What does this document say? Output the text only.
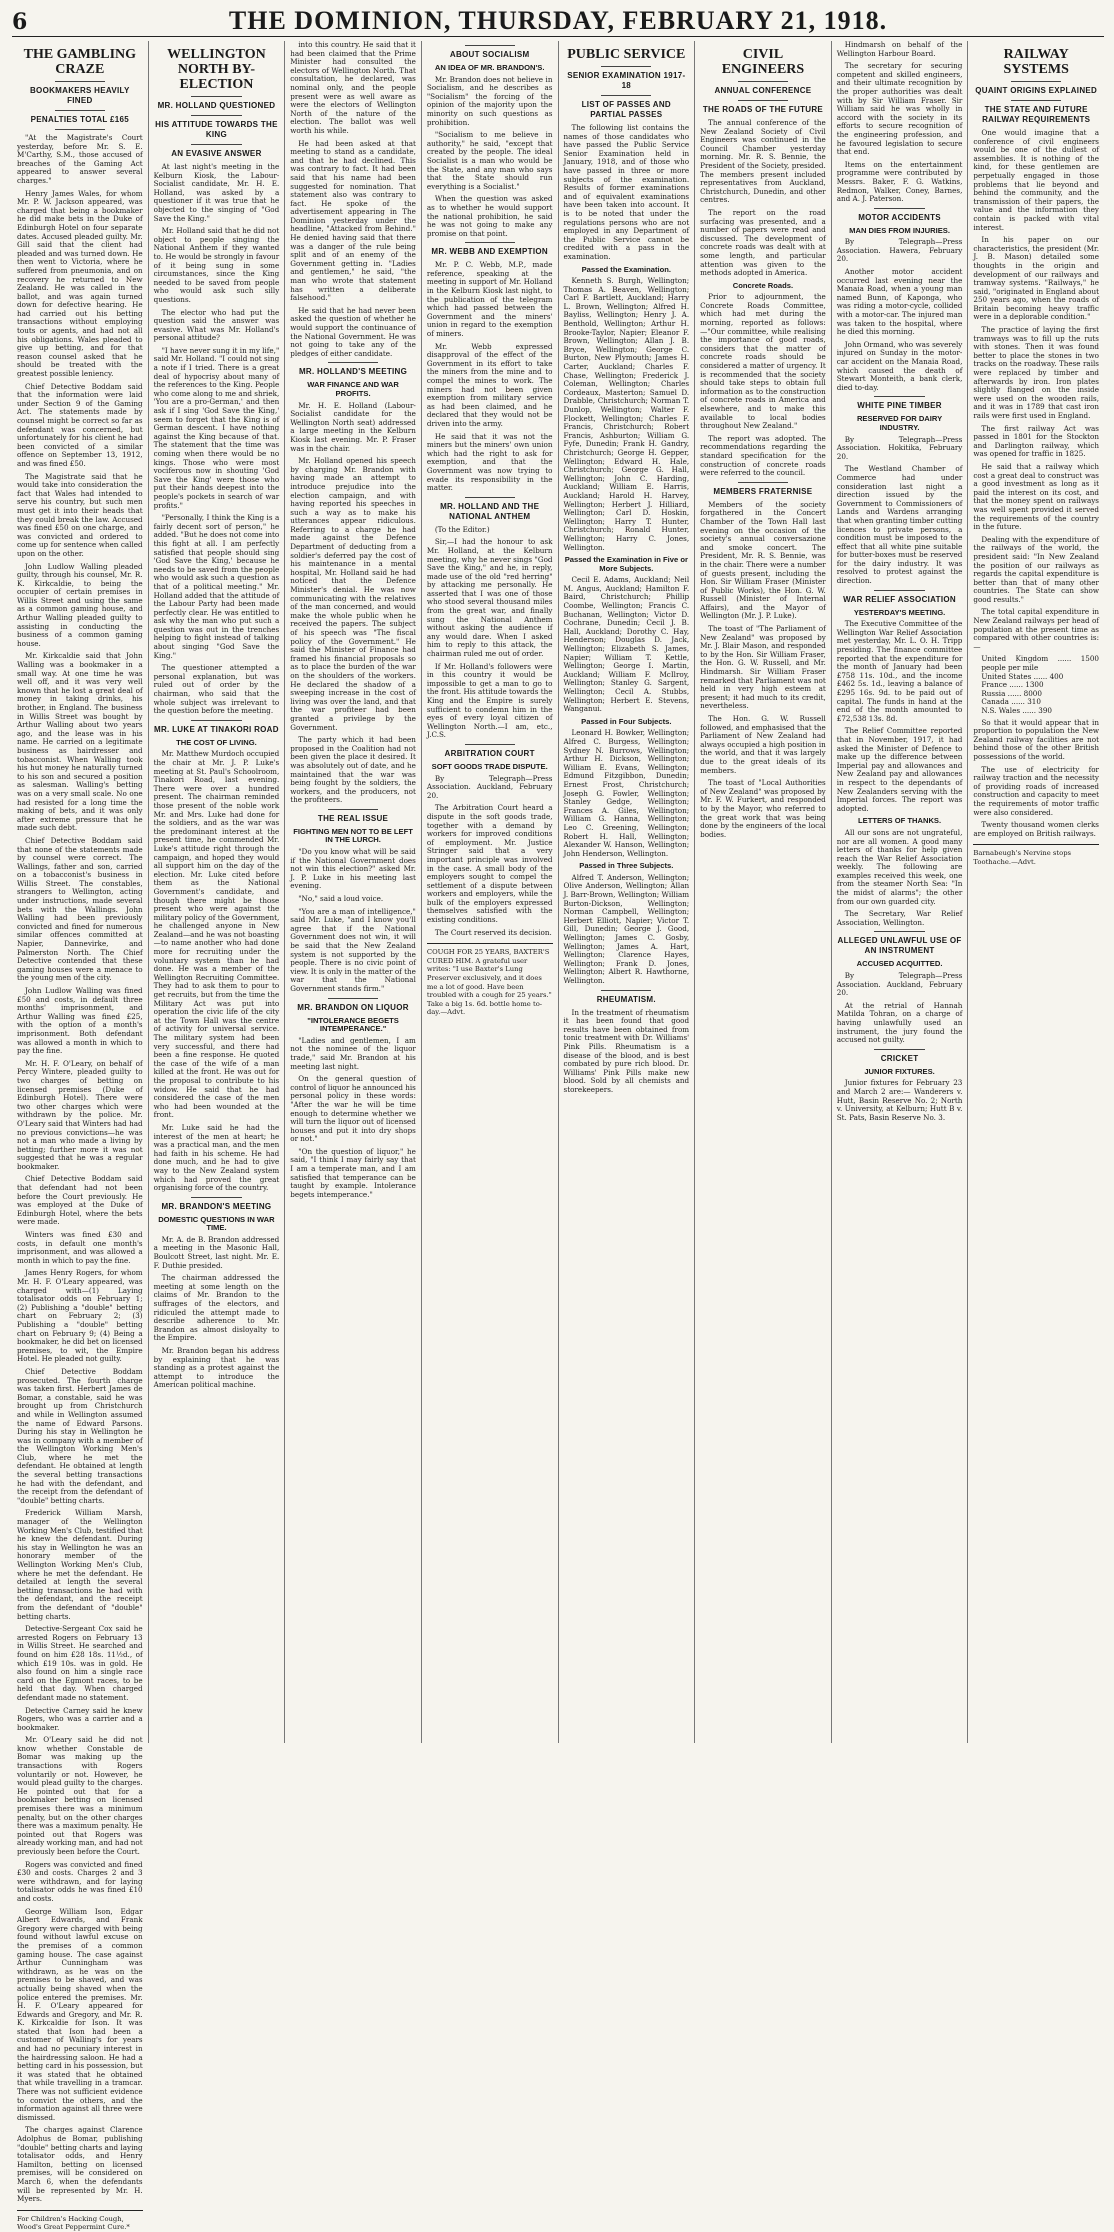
6	THE DOMINION, THURSDAY, FEBRUARY 21, 1918.
THE GAMBLING CRAZE
BOOKMAKERS HEAVILY FINED
PENALTIES TOTAL £165

"At the Magistrate's Court yesterday, before Mr. S. E. M'Carthy, S.M., those accused of breaches of the Gaming Act appeared to answer several charges."

Henry James Wales, for whom Mr. P. W. Jackson appeared, was charged that being a bookmaker he did make bets in the Duke of Edinburgh Hotel on four separate dates. Accused pleaded guilty. Mr. Gill said that the client had pleaded and was turned down. He then went to Victoria, where he suffered from pneumonia, and on recovery he returned to New Zealand. He was called in the ballot, and was again turned down for defective hearing. He had carried out his betting transactions without employing touts or agents, and had not all his obligations. Wales pleaded to give up betting, and for that reason counsel asked that he should be treated with the greatest possible leniency.

Chief Detective Boddam said that the information were laid under Section 9 of the Gaming Act. The statements made by counsel might be correct so far as defendant was concerned, but unfortunately for his client he had been convicted of a similar offence on September 13, 1912, and was fined £50.

The Magistrate said that he would take into consideration the fact that Wales had intended to serve his country, but such men must get it into their heads that they could break the law. Accused was fined £50 on one charge, and was convicted and ordered to come up for sentence when called upon on the other.

John Ludlow Walling pleaded guilty, through his counsel, Mr. R. K. Kirkcaldie, to being the occupier of certain premises in Willis Street and using the same as a common gaming house, and Arthur Walling pleaded guilty to assisting in conducting the business of a common gaming house.

Mr. Kirkcaldie said that John Walling was a bookmaker in a small way. At one time he was well off, and it was very well known that he lost a great deal of money in taking drinks, his brother, in England. The business in Willis Street was bought by Arthur Walling about two years ago, and the lease was in his name. He carried on a legitimate business as hairdresser and tobacconist. When Walling took his hut money he naturally turned to his son and secured a position as salesman. Walling's betting was on a very small scale. No one had resisted for a long time the making of bets, and it was only after extreme pressure that he made such debt.

Chief Detective Boddam said that none of the statements made by counsel were correct. The Wallings, father and son, carried on a tobacconist's business in Willis Street. The constables, strangers to Wellington, acting under instructions, made several bets with the Wallings. John Walling had been previously convicted and fined for numerous similar offences committed at Napier, Dannevirke, and Palmerston North. The Chief Detective contended that these gaming houses were a menace to the young men of the city.

John Ludlow Walling was fined £50 and costs, in default three months' imprisonment, and Arthur Walling was fined £25, with the option of a month's imprisonment. Both defendant was allowed a month in which to pay the fine.

Mr. H. F. O'Leary, on behalf of Percy Wintere, pleaded guilty to two charges of betting on licensed premises (Duke of Edinburgh Hotel). There were two other charges which were withdrawn by the police. Mr. O'Leary said that Winters had had no previous convictions—he was not a man who made a living by betting; further more it was not suggested that he was a regular bookmaker.

Chief Detective Boddam said that defendant had not been before the Court previously. He was employed at the Duke of Edinburgh Hotel, where the bets were made.

Winters was fined £30 and costs, in default one month's imprisonment, and was allowed a month in which to pay the fine.

James Henry Rogers, for whom Mr. H. F. O'Leary appeared, was charged with—(1) Laying totalisator odds on February 1; (2) Publishing a "double" betting chart on February 2; (3) Publishing a "double" betting chart on February 9; (4) Being a bookmaker, he did bet on licensed premises, to wit, the Empire Hotel. He pleaded not guilty.

Chief Detective Boddam prosecuted. The fourth charge was taken first. Herbert James de Bomar, a constable, said he was brought up from Christchurch and while in Wellington assumed the name of Edward Parsons. During his stay in Wellington he was in company with a member of the Wellington Working Men's Club, where he met the defendant. He obtained at length the several betting transactions he had with the defendant, and the receipt from the defendant of "double" betting charts.

Frederick William Marsh, manager of the Wellington Working Men's Club, testified that he knew the defendant. During his stay in Wellington he was an honorary member of the Wellington Working Men's Club, where he met the defendant. He detailed at length the several betting transactions he had with the defendant, and the receipt from the defendant of "double" betting charts.

Detective-Sergeant Cox said he arrested Rogers on February 13 in Willis Street. He searched and found on him £28 18s. 11½d., of which £19 10s. was in gold. He also found on him a single race card on the Egmont races, to be held that day. When charged defendant made no statement.

Detective Carney said he knew Rogers, who was a carrier and a bookmaker.

Mr. O'Leary said he did not know whether Constable de Bomar was making up the transactions with Rogers voluntarily or not. However, he would plead guilty to the charges. He pointed out that for a bookmaker betting on licensed premises there was a minimum penalty, but on the other charges there was a maximum penalty. He pointed out that Rogers was already working man, and had not previously been before the Court.

Rogers was convicted and fined £30 and costs. Charges 2 and 3 were withdrawn, and for laying totalisator odds he was fined £10 and costs.

George William Ison, Edgar Albert Edwards, and Frank Gregory were charged with being found without lawful excuse on the premises of a common gaming house. The case against Arthur Cunningham was withdrawn, as he was on the premises to be shaved, and was actually being shaved when the police entered the premises. Mr. H. F. O'Leary appeared for Edwards and Gregory, and Mr. R. K. Kirkcaldie for Ison. It was stated that Ison had been a customer of Walling's for years and had no pecuniary interest in the hairdressing saloon. He had a betting card in his possession, but it was stated that he obtained that while travelling in a tramcar. There was not sufficient evidence to convict the others, and the information against all three were dismissed.

The charges against Clarence Adolphus de Bomar, publishing "double" betting charts and laying totalisator odds, and Henry Hamilton, betting on licensed premises, will be considered on March 6, when the defendants will be represented by Mr. H. Myers.

For Children's Hacking Cough, Wood's Great Peppermint Cure.*

WELLINGTON NORTH BY-ELECTION
MR. HOLLAND QUESTIONED
HIS ATTITUDE TOWARDS THE KING
AN EVASIVE ANSWER

At last night's meeting in the Kelburn Kiosk, the Labour-Socialist candidate, Mr. H. E. Holland, was asked by a questioner if it was true that he objected to the singing of "God Save the King."

Mr. Holland said that he did not object to people singing the National Anthem if they wanted to. He would be strongly in favour of it being sung in some circumstances, since the King needed to be saved from people who would ask such silly questions.

The elector who had put the question said the answer was evasive. What was Mr. Holland's personal attitude?

"I have never sung it in my life," said Mr. Holland. "I could not sing a note if I tried. There is a great deal of hypocrisy about many of the references to the King. People who come along to me and shriek, 'You are a pro-German,' and then ask if I sing 'God Save the King,' seem to forget that the King is of German descent. I have nothing against the King because of that. The statement that the time was coming when there would be no kings. Those who were most vociferous now in shouting 'God Save the King' were those who put their hands deepest into the people's pockets in search of war profits."

"Personally, I think the King is a fairly decent sort of person," he added. "But he does not come into this fight at all. I am perfectly satisfied that people should sing 'God Save the King,' because he needs to be saved from the people who would ask such a question as that of a political meeting." Mr. Holland added that the attitude of the Labour Party had been made perfectly clear. He was entitled to ask why the man who put such a question was out in the trenches helping to fight instead of talking about singing "God Save the King."

The questioner attempted a personal explanation, but was ruled out of order by the chairman, who said that the whole subject was irrelevant to the question before the meeting.

MR. LUKE AT TINAKORI ROAD
THE COST OF LIVING.

Mr. Matthew Murdoch occupied the chair at Mr. J. P. Luke's meeting at St. Paul's Schoolroom, Tinakori Road, last evening. There were over a hundred present. The chairman reminded those present of the noble work Mr. and Mrs. Luke had done for the soldiers, and as the war was the predominant interest at the present time, he commended Mr. Luke's attitude right through the campaign, and hoped they would all support him on the day of the election. Mr. Luke cited before them as the National Government's candidate, and though there might be those present who were against the military policy of the Government, he challenged anyone in New Zealand—and he was not boasting—to name another who had done more for recruiting under the voluntary system than he had done. He was a member of the Wellington Recruiting Committee. They had to ask them to pour to get recruits, but from the time the Military Act was put into operation the civic life of the city at the Town Hall was the centre of activity for universal service. The military system had been very successful, and there had been a fine response. He quoted the case of the wife of a man killed at the front. He was out for the proposal to contribute to his widow. He said that he had considered the case of the men who had been wounded at the front.

Mr. Luke said he had the interest of the men at heart; he was a practical man, and the men had faith in his scheme. He had done much, and he had to give way to the New Zealand system which had proved the great organising force of the country.

MR. BRANDON'S MEETING
DOMESTIC QUESTIONS IN WAR TIME.

Mr. A. de B. Brandon addressed a meeting in the Masonic Hall, Boulcott Street, last night. Mr. E. F. Duthie presided.

The chairman addressed the meeting at some length on the claims of Mr. Brandon to the suffrages of the electors, and ridiculed the attempt made to describe adherence to Mr. Brandon as almost disloyalty to the Empire.

Mr. Brandon began his address by explaining that he was standing as a protest against the attempt to introduce the American political machine.

into this country. He said that it had been claimed that the Prime Minister had consulted the electors of Wellington North. That consultation, he declared, was nominal only, and the people present were as well aware as were the electors of Wellington North of the nature of the election. The ballot was well worth his while.

He had been asked at that meeting to stand as a candidate, and that he had declined. This was contrary to fact. It had been said that his name had been suggested for nomination. That statement also was contrary to fact. He spoke of the advertisement appearing in The Dominion yesterday under the headline, "Attacked from Behind." He denied having said that there was a danger of the rule being split and of an enemy of the Government getting in. "Ladies and gentlemen," he said, "the man who wrote that statement has written a deliberate falsehood."

He said that he had never been asked the question of whether he would support the continuance of the National Government. He was not going to take any of the pledges of either candidate.

MR. HOLLAND'S MEETING
WAR FINANCE AND WAR PROFITS.

Mr. H. E. Holland (Labour-Socialist candidate for the Wellington North seat) addressed a large meeting in the Kelburn Kiosk last evening. Mr. P. Fraser was in the chair.

Mr. Holland opened his speech by charging Mr. Brandon with having made an attempt to introduce prejudice into the election campaign, and with having reported his speeches in such a way as to make his utterances appear ridiculous. Referring to a charge he had made against the Defence Department of deducting from a soldier's deferred pay the cost of his maintenance in a mental hospital, Mr. Holland said he had noticed that the Defence Minister's denial. He was now communicating with the relatives of the man concerned, and would make the whole public when he received the papers. The subject of his speech was "The fiscal policy of the Government." He said the Minister of Finance had framed his financial proposals so as to place the burden of the war on the shoulders of the workers. He declared the shadow of a sweeping increase in the cost of living was over the land, and that the war profiteer had been granted a privilege by the Government.

The party which it had been proposed in the Coalition had not been given the place it desired. It was absolutely out of date, and he maintained that the war was being fought by the soldiers, the workers, and the producers, not the profiteers.

THE REAL ISSUE
FIGHTING MEN NOT TO BE LEFT IN THE LURCH.

"Do you know what will be said if the National Government does not win this election?" asked Mr. J. P. Luke in his meeting last evening.

"No," said a loud voice.

"You are a man of intelligence," said Mr. Luke, "and I know you'll agree that if the National Government does not win, it will be said that the New Zealand system is not supported by the people. There is no civic point of view. It is only in the matter of the war that the National Government stands firm."

MR. BRANDON ON LIQUOR
"INTOLERANCE BEGETS INTEMPERANCE."

"Ladies and gentlemen, I am not the nominee of the liquor trade," said Mr. Brandon at his meeting last night.

On the general question of control of liquor he announced his personal policy in these words: "After the war he will be time enough to determine whether we will turn the liquor out of licensed houses and put it into dry shops or not."

"On the question of liquor," he said, "I think I may fairly say that I am a temperate man, and I am satisfied that temperance can be taught by example. Intolerance begets intemperance."

ABOUT SOCIALISM
AN IDEA OF MR. BRANDON'S.

Mr. Brandon does not believe in Socialism, and he describes as "Socialism" the forcing of the opinion of the majority upon the minority on such questions as prohibition.

"Socialism to me believe in authority," he said, "except that created by the people. The ideal Socialist is a man who would be the State, and any man who says that the State should run everything is a Socialist."

When the question was asked as to whether he would support the national prohibition, he said he was not going to make any promise on that point.

MR. WEBB AND EXEMPTION

Mr. P. C. Webb, M.P., made reference, speaking at the meeting in support of Mr. Holland in the Kelburn Kiosk last night, to the publication of the telegram which had passed between the Government and the miners' union in regard to the exemption of miners.

Mr. Webb expressed disapproval of the effect of the Government in its effort to take the miners from the mine and to compel the mines to work. The miners had not been given exemption from military service as had been claimed, and he declared that they would not be driven into the army.

He said that it was not the miners but the miners' own union which had the right to ask for exemption, and that the Government was now trying to evade its responsibility in the matter.

MR. HOLLAND AND THE NATIONAL ANTHEM

(To the Editor.)

Sir,—I had the honour to ask Mr. Holland, at the Kelburn meeting, why he never sings "God Save the King," and he, in reply, made use of the old "red herring" by attacking me personally. He asserted that I was one of those who stood several thousand miles from the great war, and finally sung the National Anthem without asking the audience if any would dare. When I asked him to reply to this attack, the chairman ruled me out of order.

If Mr. Holland's followers were in this country it would be impossible to get a man to go to the front. His attitude towards the King and the Empire is surely sufficient to condemn him in the eyes of every loyal citizen of Wellington North.—I am, etc., J.C.S.

ARBITRATION COURT
SOFT GOODS TRADE DISPUTE.

By Telegraph—Press Association. Auckland, February 20.

The Arbitration Court heard a dispute in the soft goods trade, together with a demand by workers for improved conditions of employment. Mr. Justice Stringer said that a very important principle was involved in the case. A small body of the employers sought to compel the settlement of a dispute between workers and employers, while the bulk of the employers expressed themselves satisfied with the existing conditions.

The Court reserved its decision.

COUGH FOR 25 YEARS, BAXTER'S CURED HIM. A grateful user writes: "I use Baxter's Lung Preserver exclusively, and it does me a lot of good. Have been troubled with a cough for 25 years." Take a big 1s. 6d. bottle home to-day.—Advt.

PUBLIC SERVICE
SENIOR EXAMINATION 1917-18
LIST OF PASSES AND PARTIAL PASSES

The following list contains the names of those candidates who have passed the Public Service Senior Examination held in January, 1918, and of those who have passed in three or more subjects of the examination. Results of former examinations and of equivalent examinations have been taken into account. It is to be noted that under the regulations persons who are not employed in any Department of the Public Service cannot be credited with a pass in the examination.

Passed the Examination.

Kenneth S. Burgh, Wellington; Thomas A. Beaven, Wellington; Carl F. Bartlett, Auckland; Harry L. Brown, Wellington; Alfred H. Bayliss, Wellington; Henry J. A. Benthold, Wellington; Arthur H. Brooke-Taylor, Napier; Eleanor F. Brown, Wellington; Allan J. B. Bryce, Wellington; George C. Burton, New Plymouth; James H. Carter, Auckland; Charles F. Chase, Wellington; Frederick J. Coleman, Wellington; Charles Cordeaux, Masterton; Samuel D. Drabble, Christchurch; Norman T. Dunlop, Wellington; Walter F. Flockett, Wellington; Charles F. Francis, Christchurch; Robert Francis, Ashburton; William G. Fyfe, Dunedin; Frank H. Gandry, Christchurch; George H. Gepper, Wellington; Edward H. Hale, Christchurch; George G. Hall, Wellington; John C. Harding, Auckland; William E. Harris, Auckland; Harold H. Harvey, Wellington; Herbert J. Hilliard, Wellington; Carl D. Hoskin, Wellington; Harry T. Hunter, Christchurch; Ronald Hunter, Wellington; Harry C. Jones, Wellington.

Passed the Examination in Five or More Subjects.

Cecil E. Adams, Auckland; Neil M. Angus, Auckland; Hamilton F. Baird, Christchurch; Phillip Coombe, Wellington; Francis C. Buchanan, Wellington; Victor D. Cochrane, Dunedin; Cecil J. B. Hall, Auckland; Dorothy C. Hay, Henderson; Douglas D. Jack, Wellington; Elizabeth S. James, Napier; William T. Kettle, Wellington; George I. Martin, Auckland; William F. McIlroy, Wellington; Stanley G. Sargent, Wellington; Cecil A. Stubbs, Wellington; Herbert E. Stevens, Wanganui.

Passed in Four Subjects.

Leonard H. Bowker, Wellington; Alfred C. Burgess, Wellington; Sydney N. Burrows, Wellington; Arthur H. Dickson, Wellington; William E. Evans, Wellington; Edmund Fitzgibbon, Dunedin; Ernest Frost, Christchurch; Joseph G. Fowler, Wellington; Stanley Gedge, Wellington; Frances A. Giles, Wellington; William G. Hanna, Wellington; Leo C. Greening, Wellington; Robert H. Hall, Wellington; Alexander W. Hanson, Wellington; John Henderson, Wellington.

Passed in Three Subjects.

Alfred T. Anderson, Wellington; Olive Anderson, Wellington; Allan J. Barr-Brown, Wellington; William Burton-Dickson, Wellington; Norman Campbell, Wellington; Herbert Elliott, Napier; Victor T. Gill, Dunedin; George J. Good, Wellington; James C. Gosby, Wellington; James A. Hart, Wellington; Clarence Hayes, Wellington; Frank D. Jones, Wellington; Albert R. Hawthorne, Wellington.

RHEUMATISM.

In the treatment of rheumatism it has been found that good results have been obtained from tonic treatment with Dr. Williams' Pink Pills. Rheumatism is a disease of the blood, and is best combated by pure rich blood. Dr. Williams' Pink Pills make new blood. Sold by all chemists and storekeepers.

CIVIL ENGINEERS
ANNUAL CONFERENCE
THE ROADS OF THE FUTURE

The annual conference of the New Zealand Society of Civil Engineers was continued in the Council Chamber yesterday morning. Mr. R. S. Bennie, the President of the Society, presided. The members present included representatives from Auckland, Christchurch, Dunedin, and other centres.

The report on the road surfacing was presented, and a number of papers were read and discussed. The development of concrete roads was dealt with at some length, and particular attention was given to the methods adopted in America.

Concrete Roads.

Prior to adjournment, the Concrete Roads Committee, which had met during the morning, reported as follows:—"Our committee, while realising the importance of good roads, considers that the matter of concrete roads should be considered a matter of urgency. It is recommended that the society should take steps to obtain full information as to the construction of concrete roads in America and elsewhere, and to make this available to local bodies throughout New Zealand."

The report was adopted. The recommendations regarding the standard specification for the construction of concrete roads were referred to the council.

MEMBERS FRATERNISE

Members of the society forgathered in the Concert Chamber of the Town Hall last evening on the occasion of the society's annual conversazione and smoke concert. The President, Mr. R. S. Bennie, was in the chair. There were a number of guests present, including the Hon. Sir William Fraser (Minister of Public Works), the Hon. G. W. Russell (Minister of Internal Affairs), and the Mayor of Wellington (Mr. J. P. Luke).

The toast of "The Parliament of New Zealand" was proposed by Mr. J. Blair Mason, and responded to by the Hon. Sir William Fraser, the Hon. G. W. Russell, and Mr. Hindmarsh. Sir William Fraser remarked that Parliament was not held in very high esteem at present; it had much to its credit, nevertheless.

The Hon. G. W. Russell followed, and emphasised that the Parliament of New Zealand had always occupied a high position in the world, and that it was largely due to the great ideals of its members.

The toast of "Local Authorities of New Zealand" was proposed by Mr. F. W. Furkert, and responded to by the Mayor, who referred to the great work that was being done by the engineers of the local bodies.

Hindmarsh on behalf of the Wellington Harbour Board.

The secretary for securing competent and skilled engineers, and their ultimate recognition by the proper authorities was dealt with by Sir William Fraser. Sir William said he was wholly in accord with the society in its efforts to secure recognition of the engineering profession, and he favoured legislation to secure that end.

Items on the entertainment programme were contributed by Messrs. Baker, F. G. Watkins, Redmon, Walker, Coney, Barnes, and A. J. Paterson.

MOTOR ACCIDENTS
MAN DIES FROM INJURIES.

By Telegraph—Press Association. Hawera, February 20.

Another motor accident occurred last evening near the Manaia Road, when a young man named Bunn, of Kaponga, who was riding a motor-cycle, collided with a motor-car. The injured man was taken to the hospital, where he died this morning.

John Ormand, who was severely injured on Sunday in the motor-car accident on the Manaia Road, which caused the death of Stewart Monteith, a bank clerk, died to-day.

WHITE PINE TIMBER
RESERVED FOR DAIRY INDUSTRY.

By Telegraph—Press Association. Hokitika, February 20.

The Westland Chamber of Commerce had under consideration last night a direction issued by the Government to Commissioners of Lands and Wardens arranging that when granting timber cutting licences to private persons, a condition must be imposed to the effect that all white pine suitable for butter-boxes must be reserved for the dairy industry. It was resolved to protest against the direction.

WAR RELIEF ASSOCIATION
YESTERDAY'S MEETING.

The Executive Committee of the Wellington War Relief Association met yesterday, Mr. L. O. H. Tripp presiding. The finance committee reported that the expenditure for the month of January had been £758 11s. 10d., and the income £462 5s. 1d., leaving a balance of £295 16s. 9d. to be paid out of capital. The funds in hand at the end of the month amounted to £72,538 13s. 8d.

The Relief Committee reported that in November, 1917, it had asked the Minister of Defence to make up the difference between Imperial pay and allowances and New Zealand pay and allowances in respect to the dependants of New Zealanders serving with the Imperial forces. The report was adopted.

LETTERS OF THANKS.

All our sons are not ungrateful, nor are all women. A good many letters of thanks for help given reach the War Relief Association weekly. The following are examples received this week, one from the steamer North Sea: "In the midst of alarms"; the other from our own guarded city.

The Secretary, War Relief Association, Wellington.

ALLEGED UNLAWFUL USE OF AN INSTRUMENT
ACCUSED ACQUITTED.

By Telegraph—Press Association. Auckland, February 20.

At the retrial of Hannah Matilda Tohran, on a charge of having unlawfully used an instrument, the jury found the accused not guilty.

CRICKET
JUNIOR FIXTURES.

Junior fixtures for February 23 and March 2 are:— Wanderers v. Hutt, Basin Reserve No. 2; North v. University, at Kelburn; Hutt B v. St. Pats, Basin Reserve No. 3.

RAILWAY SYSTEMS
QUAINT ORIGINS EXPLAINED
THE STATE AND FUTURE RAILWAY REQUIREMENTS

One would imagine that a conference of civil engineers would be one of the dullest of assemblies. It is nothing of the kind, for these gentlemen are perpetually engaged in those problems that lie beyond and behind the community, and the transmission of their papers, the value and the information they contain is packed with vital interest.

In his paper on our characteristics, the president (Mr. J. B. Mason) detailed some thoughts in the origin and development of our railways and tramway systems. "Railways," he said, "originated in England about 250 years ago, when the roads of Britain becoming heavy traffic were in a deplorable condition."

The practice of laying the first tramways was to fill up the ruts with stones. Then it was found better to place the stones in two tracks on the roadway. These rails were replaced by timber and afterwards by iron. Iron plates slightly flanged on the inside were used on the wooden rails, and it was in 1789 that cast iron rails were first used in England.

The first railway Act was passed in 1801 for the Stockton and Darlington railway, which was opened for traffic in 1825.

He said that a railway which cost a great deal to construct was a good investment as long as it paid the interest on its cost, and that the money spent on railways was well spent provided it served the requirements of the country in the future.

Dealing with the expenditure of the railways of the world, the president said: "In New Zealand the position of our railways as regards the capital expenditure is better than that of many other countries. The State can show good results."

The total capital expenditure in New Zealand railways per head of population at the present time as compared with other countries is:—

United Kingdom ...... 1500 people per mile
United States ...... 400
France ...... 1300
Russia ...... 8000
Canada ...... 310
N.S. Wales ...... 390

So that it would appear that in proportion to population the New Zealand railway facilities are not behind those of the other British possessions of the world.

The use of electricity for railway traction and the necessity of providing roads of increased construction and capacity to meet the requirements of motor traffic were also considered.

Twenty thousand women clerks are employed on British railways.

Barnabeugh's Nervine stops Toothache.—Advt.
